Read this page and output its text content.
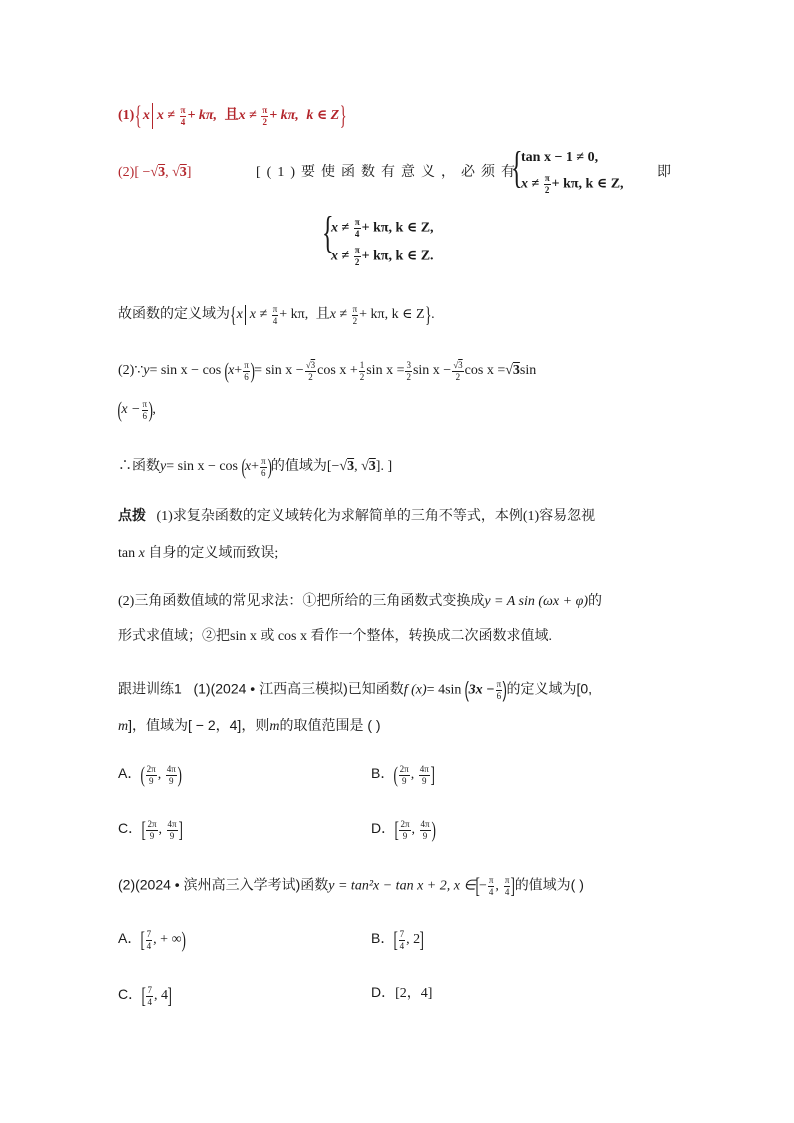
(1){x $x \ne \frac{\pi}{4} + k\pi$, 且$x \ne \frac{\pi}{2} + k\pi$, k ∈ Z}
(2)[ −√3, √3]	[(1)要使函数有意义，必须有
{
tan x − 1 ≠ 0,
$x \ne \frac{\pi}{2} + k\pi$, k ∈ Z,
即
{
$x \ne \frac{\pi}{4} + k\pi$, k ∈ Z,
$x \ne \frac{\pi}{2} + k\pi$, k ∈ Z.
故函数的定义域为{x $x \ne \frac{\pi}{4} + k\pi$, 且$x \ne \frac{\pi}{2} + k\pi$, k ∈ Z}.
(2)∵y= $\sin x - \cos (x+ \frac{\pi}{6}$ )= $\sin x - \frac{√3}{2}$ $\cos x + \frac{1}{2}$ $\sin x = \frac{3}{2}$ $\sin x - \frac{√3}{2}$ cos x =√3sin
($x - \frac{\pi}{6}$ ),
∴函数$y= \sin x - \cos (x+ \frac{\pi}{6}$ )的值域为[−√3, √3]. ]
点拨 (1)求复杂函数的定义域转化为求解简单的三角不等式，本例(1)容易忽视
tan x 自身的定义域而致误;
(2)三角函数值域的常见求法：①把所给的三角函数式变换成y = A sin (ωx + φ)的
形式求值域；②把sin x 或 cos x 看作一个整体，转换成二次函数求值域.
跟进训练1 (1)(2024 • 江西高三模拟)已知函数f (x)= 4sin ($3x - \frac{\pi}{6}$ )的定义域为[0,
m]，值域为[ − 2，4]，则m的取值范围是 ( )
A．( $\frac{2\pi}{9}$ , $\frac{4\pi}{9}$ )	B．( $\frac{2\pi}{9}$ , $\frac{4\pi}{9}$ ]
C．[ $\frac{2\pi}{9}$ , $\frac{4\pi}{9}$ ]	D．[ $\frac{2\pi}{9}$ , $\frac{4\pi}{9}$ )
(2)(2024 • 滨州高三入学考试)函数y = tan²x − tan x + 2, x ∈[− $\frac{\pi}{4}$ , $\frac{\pi}{4}$ ]的值域为( )
A．[ $\frac{7}{4}$ , + ∞)	B．[ $\frac{7}{4}$ , 2]
C．[ $\frac{7}{4}$ , 4]	D．[2，4]
